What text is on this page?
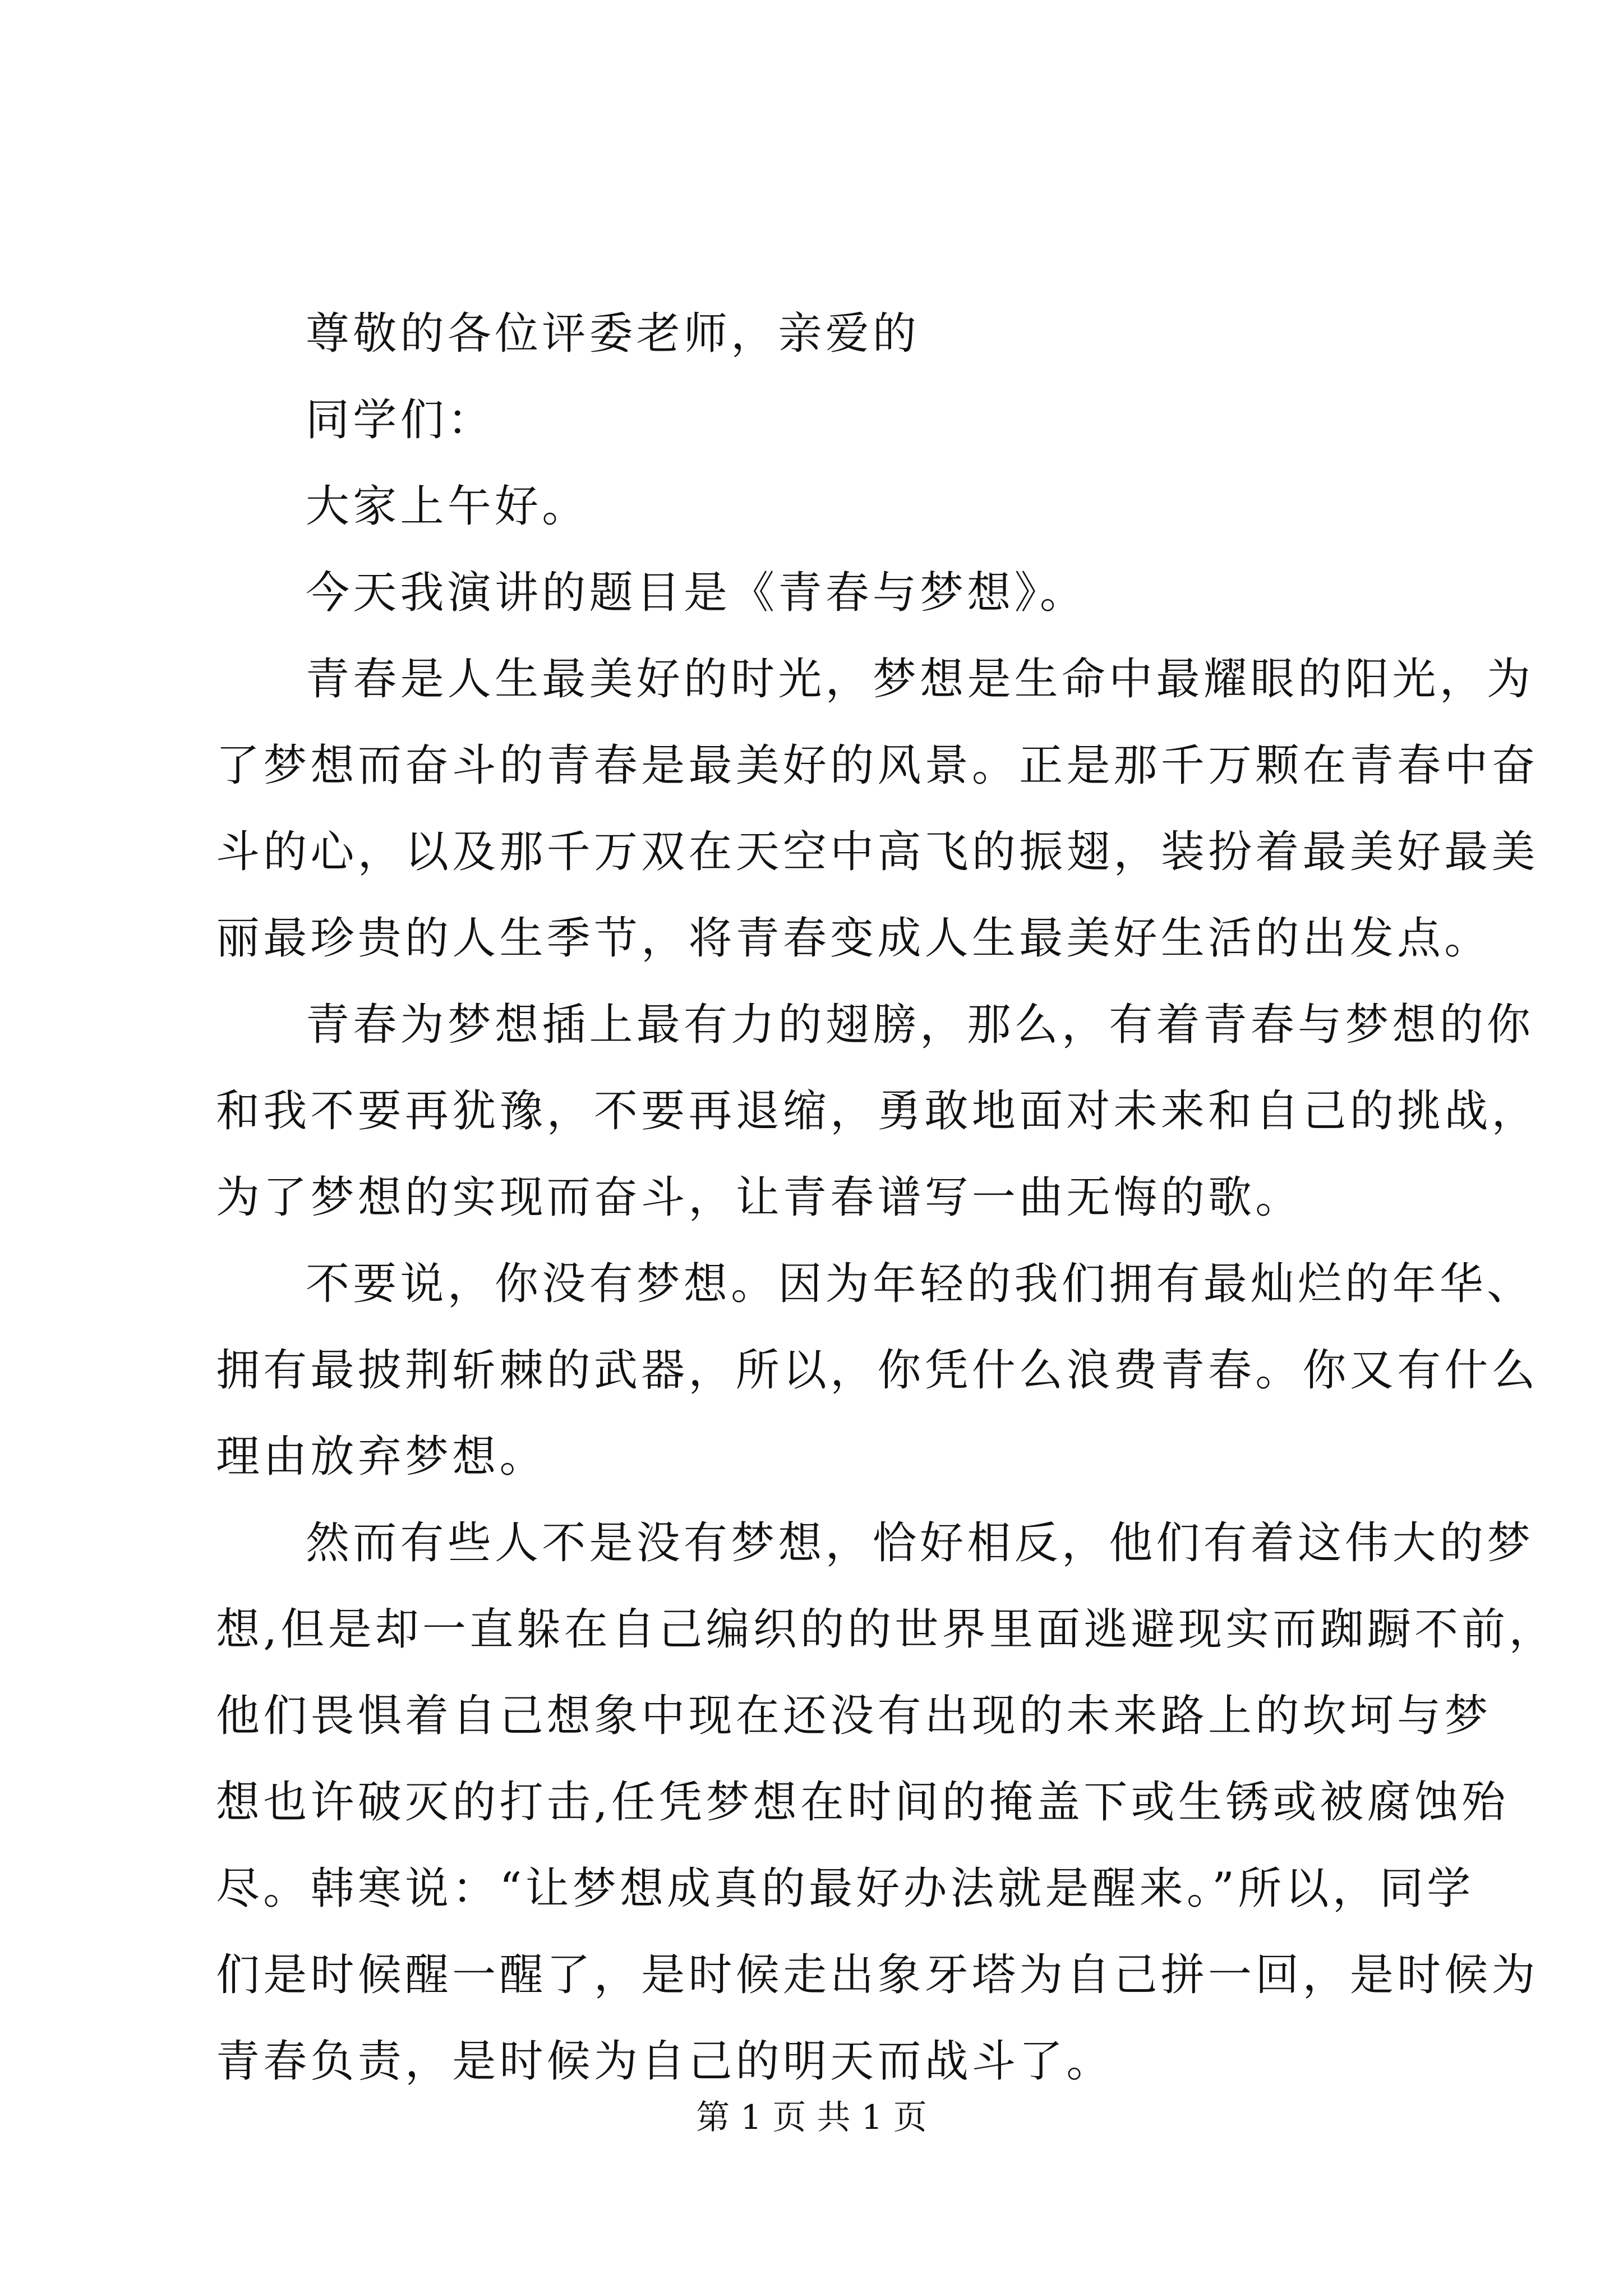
尊敬的各位评委老师，亲爱的
同学们：
大家上午好。
今天我演讲的题目是《青春与梦想》。
青春是人生最美好的时光，梦想是生命中最耀眼的阳光，为
了梦想而奋斗的青春是最美好的风景。正是那千万颗在青春中奋
斗的心，以及那千万双在天空中高飞的振翅，装扮着最美好最美
丽最珍贵的人生季节，将青春变成人生最美好生活的出发点。
青春为梦想插上最有力的翅膀，那么，有着青春与梦想的你
和我不要再犹豫，不要再退缩，勇敢地面对未来和自己的挑战，
为了梦想的实现而奋斗，让青春谱写一曲无悔的歌。
不要说，你没有梦想。因为年轻的我们拥有最灿烂的年华、
拥有最披荆斩棘的武器，所以，你凭什么浪费青春。你又有什么
理由放弃梦想。
然而有些人不是没有梦想，恰好相反，他们有着这伟大的梦
想,但是却一直躲在自己编织的的世界里面逃避现实而踟蹰不前，
他们畏惧着自己想象中现在还没有出现的未来路上的坎坷与梦
想也许破灭的打击,任凭梦想在时间的掩盖下或生锈或被腐蚀殆
尽。韩寒说：“让梦想成真的最好办法就是醒来。”所以，同学
们是时候醒一醒了，是时候走出象牙塔为自己拼一回，是时候为
青春负责，是时候为自己的明天而战斗了。
第 1 页 共 1 页
